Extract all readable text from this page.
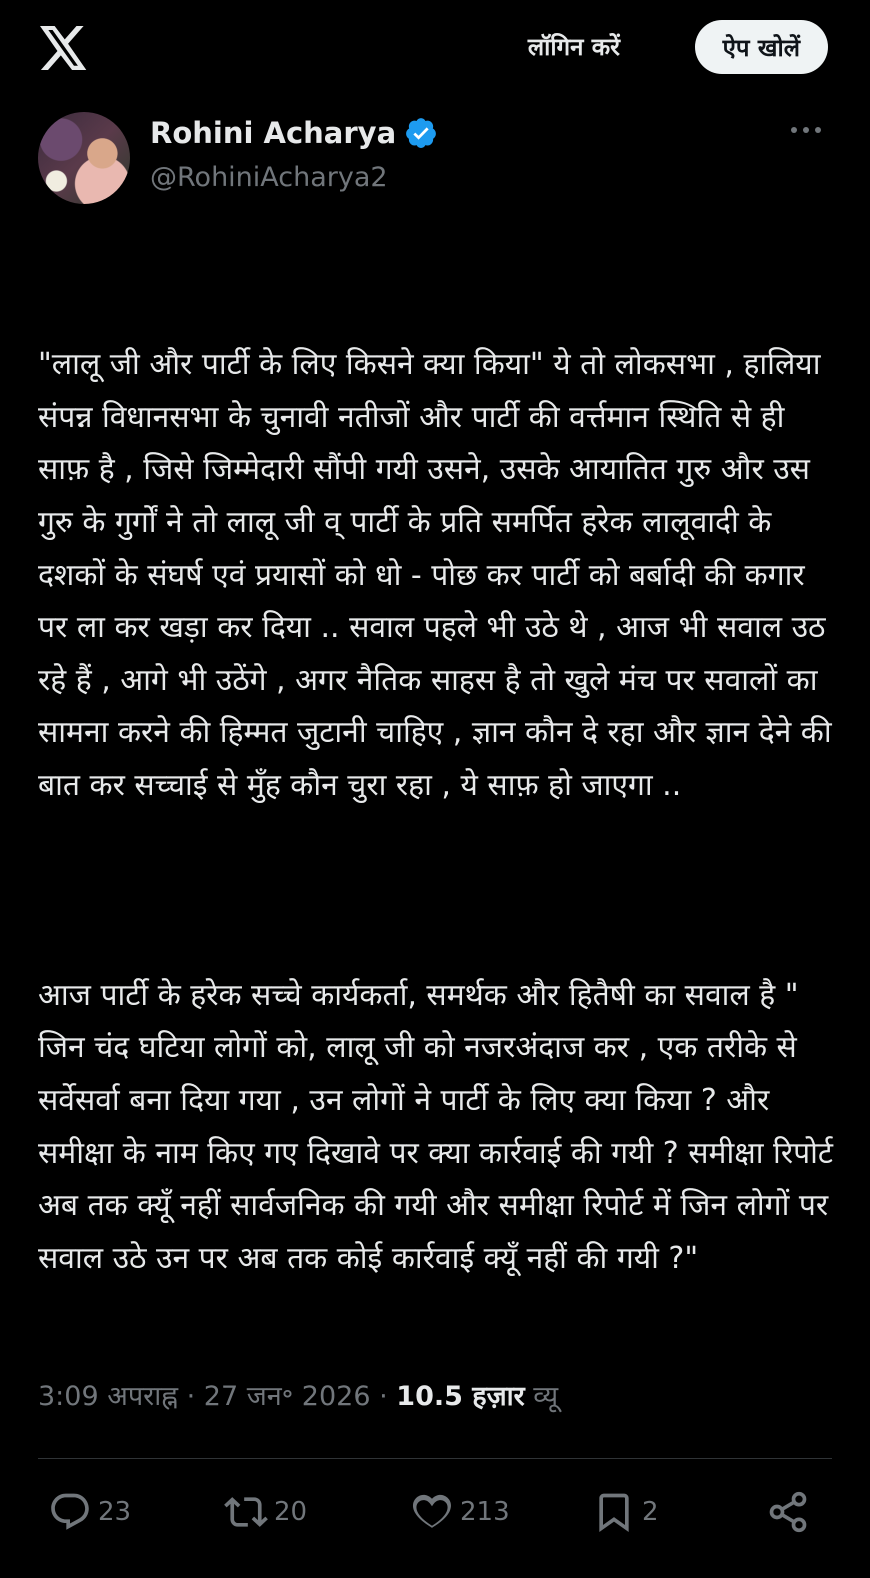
लॉगिन करें	ऐप खोलें
Rohini Acharya
@RohiniAcharya2

"लालू जी और पार्टी के लिए किसने क्या किया" ये तो लोकसभा , हालिया संपन्न विधानसभा के चुनावी नतीजों और पार्टी की वर्त्तमान स्थिति से ही साफ़ है , जिसे जिम्मेदारी सौंपी गयी उसने, उसके आयातित गुरु और उस गुरु के गुर्गों ने तो लालू जी व् पार्टी के प्रति समर्पित हरेक लालूवादी के दशकों के संघर्ष एवं प्रयासों को धो - पोछ कर पार्टी को बर्बादी की कगार पर ला कर खड़ा कर दिया .. सवाल पहले भी उठे थे , आज भी सवाल उठ रहे हैं , आगे भी उठेंगे , अगर नैतिक साहस है तो खुले मंच पर सवालों का सामना करने की हिम्मत जुटानी चाहिए , ज्ञान कौन दे रहा और ज्ञान देने की बात कर सच्चाई से मुँह कौन चुरा रहा , ये साफ़ हो जाएगा ..

आज पार्टी के हरेक सच्चे कार्यकर्ता, समर्थक और हितैषी का सवाल है " जिन चंद घटिया लोगों को, लालू जी को नजरअंदाज कर , एक तरीके से सर्वेसर्वा बना दिया गया , उन लोगों ने पार्टी के लिए क्या किया ? और समीक्षा के नाम किए गए दिखावे पर क्या कार्रवाई की गयी ? समीक्षा रिपोर्ट अब तक क्यूँ नहीं सार्वजनिक की गयी और समीक्षा रिपोर्ट में जिन लोगों पर सवाल उठे उन पर अब तक कोई कार्रवाई क्यूँ नहीं की गयी ?"

3:09 अपराह्न · 27 जन॰ 2026 · 10.5 हज़ार व्यू
23	20	213	2
